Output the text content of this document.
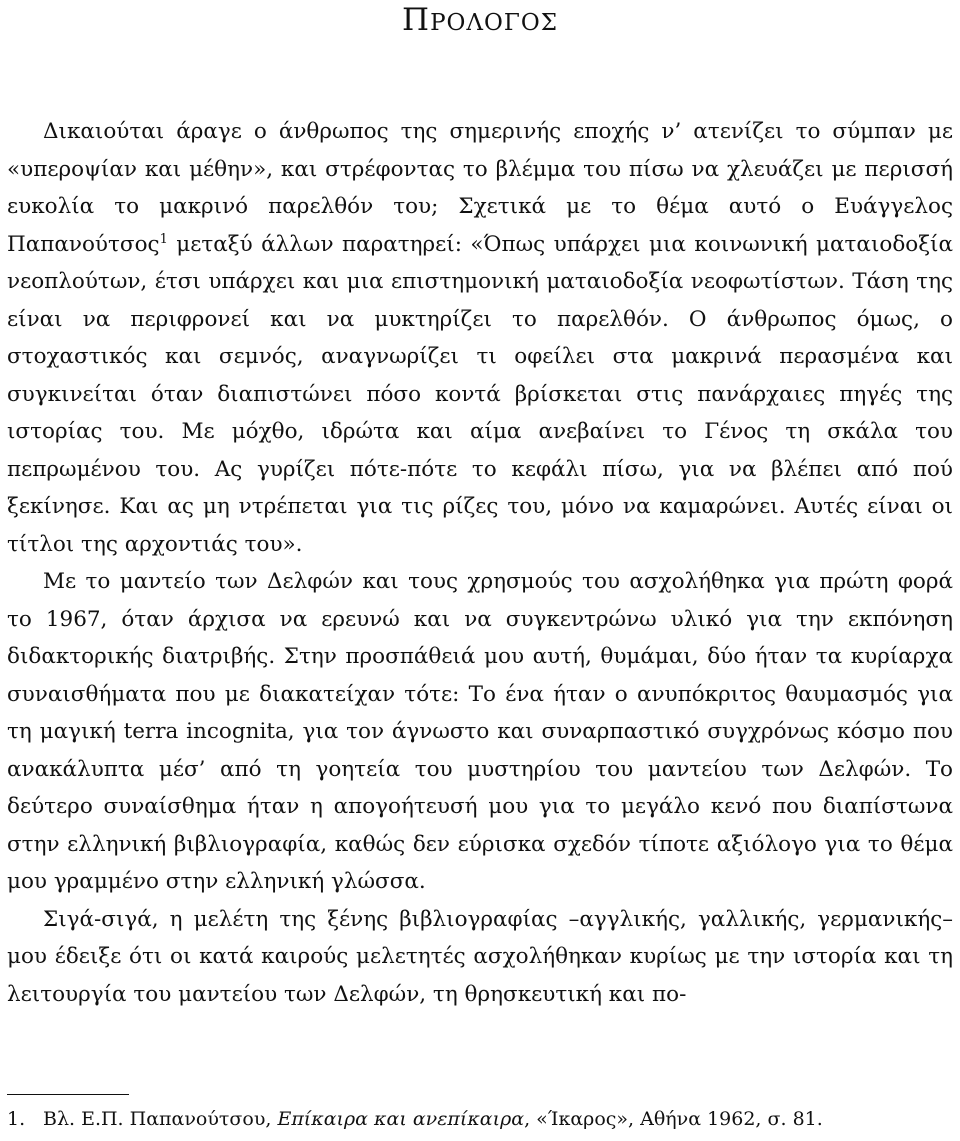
ΠΡΟΛΟΓΟΣ

Δικαιούται άραγε ο άνθρωπος της σημερινής εποχής ν’ ατενίζει το σύμπαν με «υπεροψίαν και μέθην», και στρέφοντας το βλέμμα του πίσω να χλευάζει με περισσή ευκολία το μακρινό παρελθόν του; Σχετικά με το θέμα αυτό ο Ευάγγελος Παπανούτσος$^1$ μεταξύ άλλων παρατηρεί: «Όπως υπάρχει μια κοινωνική ματαιοδοξία νεοπλούτων, έτσι υπάρχει και μια επιστημονική ματαιοδοξία νεοφωτίστων. Τάση της είναι να περιφρονεί και να μυκτηρίζει το παρελθόν. Ο άνθρωπος όμως, ο στοχαστικός και σεμνός, αναγνωρίζει τι οφείλει στα μακρινά περασμένα και συγκινείται όταν διαπιστώνει πόσο κοντά βρίσκεται στις πανάρχαιες πηγές της ιστορίας του. Με μόχθο, ιδρώτα και αίμα ανεβαίνει το Γένος τη σκάλα του πεπρωμένου του. Ας γυρίζει πότε-πότε το κεφάλι πίσω, για να βλέπει από πού ξεκίνησε. Και ας μη ντρέπεται για τις ρίζες του, μόνο να καμαρώνει. Αυτές είναι οι τίτλοι της αρχοντιάς του».

Με το μαντείο των Δελφών και τους χρησμούς του ασχολήθηκα για πρώτη φορά το 1967, όταν άρχισα να ερευνώ και να συγκεντρώνω υλικό για την εκπόνηση διδακτορικής διατριβής. Στην προσπάθειά μου αυτή, θυμάμαι, δύο ήταν τα κυρίαρχα συναισθήματα που με διακατείχαν τότε: Το ένα ήταν ο ανυπόκριτος θαυμασμός για τη μαγική terra incognita, για τον άγνωστο και συναρπαστικό συγχρόνως κόσμο που ανακάλυπτα μέσ’ από τη γοητεία του μυστηρίου του μαντείου των Δελφών. Το δεύτερο συναίσθημα ήταν η απογοήτευσή μου για το μεγάλο κενό που διαπίστωνα στην ελληνική βιβλιογραφία, καθώς δεν εύρισκα σχεδόν τίποτε αξιόλογο για το θέμα μου γραμμένο στην ελληνική γλώσσα.

Σιγά-σιγά, η μελέτη της ξένης βιβλιογραφίας –αγγλικής, γαλλικής, γερμανικής– μου έδειξε ότι οι κατά καιρούς μελετητές ασχολήθηκαν κυρίως με την ιστορία και τη λειτουργία του μαντείου των Δελφών, τη θρησκευτική και πο-

1. Βλ. Ε.Π. Παπανούτσου, Επίκαιρα και ανεπίκαιρα, «Ίκαρος», Αθήνα 1962, σ. 81.
